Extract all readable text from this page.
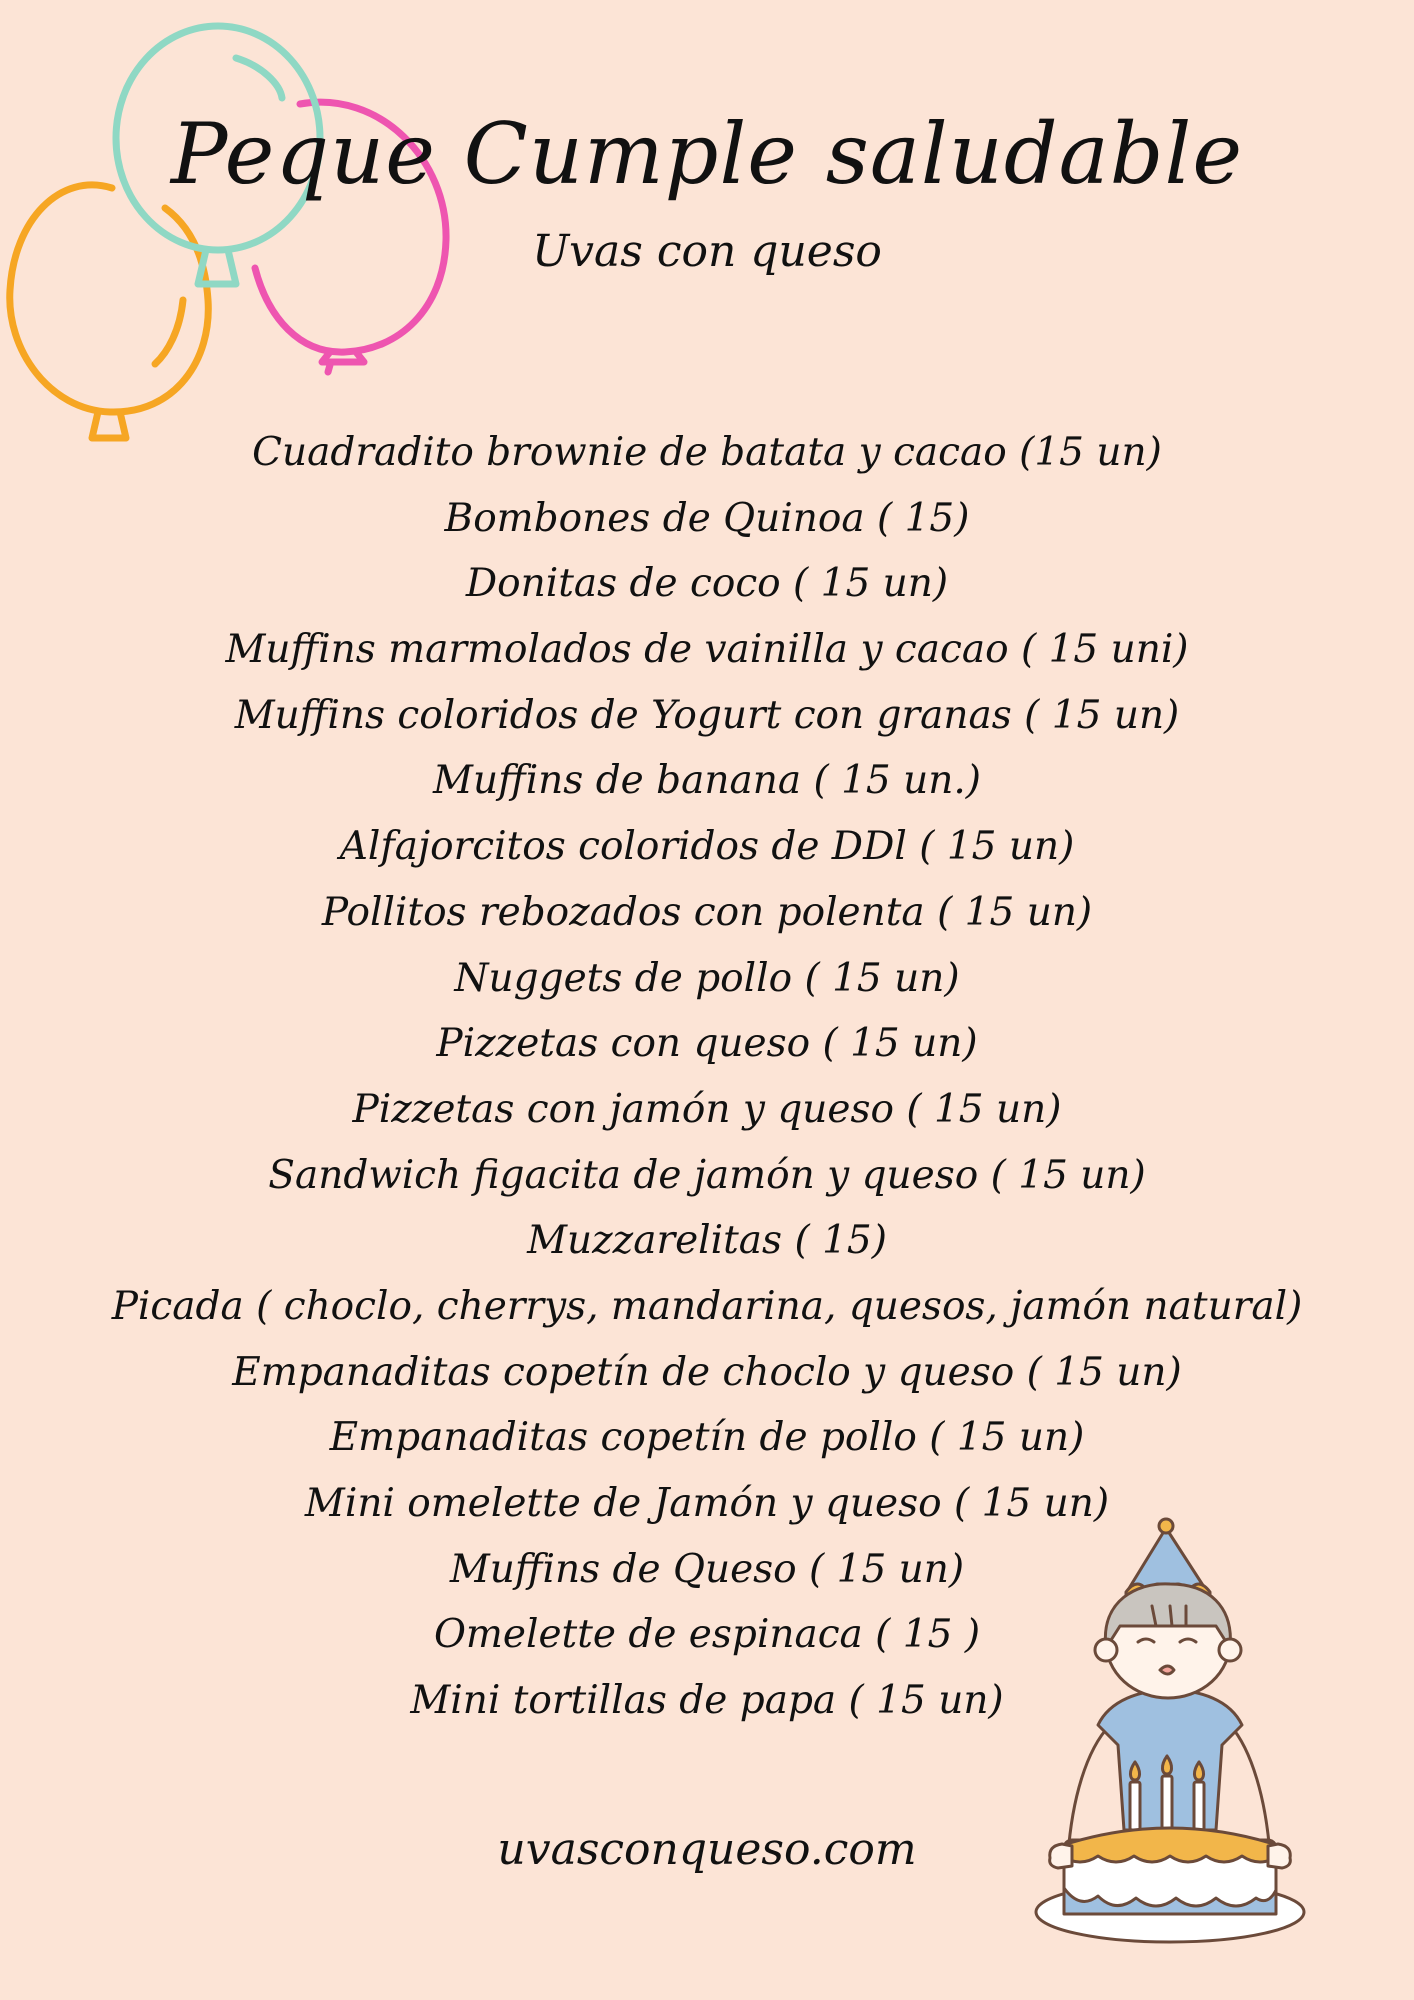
Peque Cumple saludable
Uvas con queso
Cuadradito brownie de batata y cacao (15 un)
Bombones de Quinoa ( 15)
Donitas de coco ( 15 un)
Muffins marmolados de vainilla y cacao ( 15 uni)
Muffins coloridos de Yogurt con granas ( 15 un)
Muffins de banana ( 15 un.)
Alfajorcitos coloridos de DDl ( 15 un)
Pollitos rebozados con polenta ( 15 un)
Nuggets de pollo ( 15 un)
Pizzetas con queso ( 15 un)
Pizzetas con jamón y queso ( 15 un)
Sandwich figacita de jamón y queso ( 15 un)
Muzzarelitas ( 15)
Picada ( choclo, cherrys, mandarina, quesos, jamón natural)
Empanaditas copetín de choclo y queso ( 15 un)
Empanaditas copetín de pollo ( 15 un)
Mini omelette de Jamón y queso ( 15 un)
Muffins de Queso ( 15 un)
Omelette de espinaca ( 15 )
Mini tortillas de papa ( 15 un)
uvasconqueso.com
